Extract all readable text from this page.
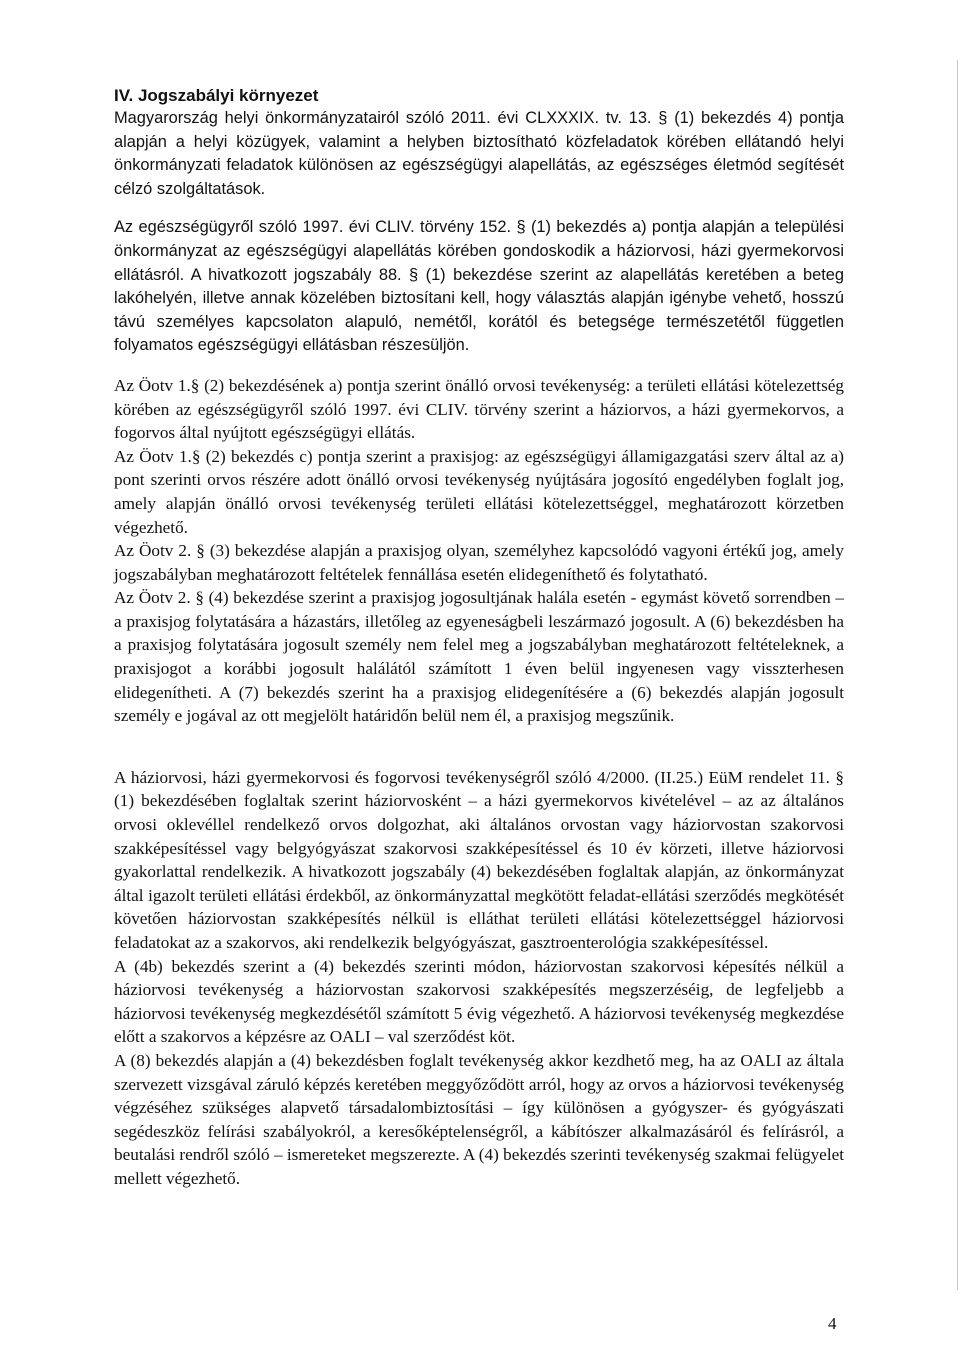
IV. Jogszabályi környezet

Magyarország helyi önkormányzatairól szóló 2011. évi CLXXXIX. tv. 13. § (1) bekezdés 4) pontja alapján a helyi közügyek, valamint a helyben biztosítható közfeladatok körében ellátandó helyi önkormányzati feladatok különösen az egészségügyi alapellátás, az egészséges életmód segítését célzó szolgáltatások.

Az egészségügyről szóló 1997. évi CLIV. törvény 152. § (1) bekezdés a) pontja alapján a települési önkormányzat az egészségügyi alapellátás körében gondoskodik a háziorvosi, házi gyermekorvosi ellátásról. A hivatkozott jogszabály 88. § (1) bekezdése szerint az alapellátás keretében a beteg lakóhelyén, illetve annak közelében biztosítani kell, hogy választás alapján igénybe vehető, hosszú távú személyes kapcsolaton alapuló, nemétől, korától és betegsége természetétől független folyamatos egészségügyi ellátásban részesüljön.

Az Öotv 1.§ (2) bekezdésének a) pontja szerint önálló orvosi tevékenység: a területi ellátási kötelezettség körében az egészségügyről szóló 1997. évi CLIV. törvény szerint a háziorvos, a házi gyermekorvos, a fogorvos által nyújtott egészségügyi ellátás.

Az Öotv 1.§ (2) bekezdés c) pontja szerint a praxisjog: az egészségügyi államigazgatási szerv által az a) pont szerinti orvos részére adott önálló orvosi tevékenység nyújtására jogosító engedélyben foglalt jog, amely alapján önálló orvosi tevékenység területi ellátási kötelezettséggel, meghatározott körzetben végezhető.

Az Öotv 2. § (3) bekezdése alapján a praxisjog olyan, személyhez kapcsolódó vagyoni értékű jog, amely jogszabályban meghatározott feltételek fennállása esetén elidegeníthető és folytatható.

Az Öotv 2. § (4) bekezdése szerint a praxisjog jogosultjának halála esetén - egymást követő sorrendben – a praxisjog folytatására a házastárs, illetőleg az egyeneságbeli leszármazó jogosult. A (6) bekezdésben ha a praxisjog folytatására jogosult személy nem felel meg a jogszabályban meghatározott feltételeknek, a praxisjogot a korábbi jogosult halálától számított 1 éven belül ingyenesen vagy visszterhesen elidegenítheti. A (7) bekezdés szerint ha a praxisjog elidegenítésére a (6) bekezdés alapján jogosult személy e jogával az ott megjelölt határidőn belül nem él, a praxisjog megszűnik.

A háziorvosi, házi gyermekorvosi és fogorvosi tevékenységről szóló 4/2000. (II.25.) EüM rendelet 11. § (1) bekezdésében foglaltak szerint háziorvosként – a házi gyermekorvos kivételével – az az általános orvosi oklevéllel rendelkező orvos dolgozhat, aki általános orvostan vagy háziorvostan szakorvosi szakképesítéssel vagy belgyógyászat szakorvosi szakképesítéssel és 10 év körzeti, illetve háziorvosi gyakorlattal rendelkezik. A hivatkozott jogszabály (4) bekezdésében foglaltak alapján, az önkormányzat által igazolt területi ellátási érdekből, az önkormányzattal megkötött feladat-ellátási szerződés megkötését követően háziorvostan szakképesítés nélkül is elláthat területi ellátási kötelezettséggel háziorvosi feladatokat az a szakorvos, aki rendelkezik belgyógyászat, gasztroenterológia szakképesítéssel.

A (4b) bekezdés szerint a (4) bekezdés szerinti módon, háziorvostan szakorvosi képesítés nélkül a háziorvosi tevékenység a háziorvostan szakorvosi szakképesítés megszerzéséig, de legfeljebb a háziorvosi tevékenység megkezdésétől számított 5 évig végezhető. A háziorvosi tevékenység megkezdése előtt a szakorvos a képzésre az OALI – val szerződést köt.

A (8) bekezdés alapján a (4) bekezdésben foglalt tevékenység akkor kezdhető meg, ha az OALI az általa szervezett vizsgával záruló képzés keretében meggyőződött arról, hogy az orvos a háziorvosi tevékenység végzéséhez szükséges alapvető társadalombiztosítási – így különösen a gyógyszer- és gyógyászati segédeszköz felírási szabályokról, a keresőképtelenségről, a kábítószer alkalmazásáról és felírásról, a beutalási rendről szóló – ismereteket megszerezte. A (4) bekezdés szerinti tevékenység szakmai felügyelet mellett végezhető.

4
